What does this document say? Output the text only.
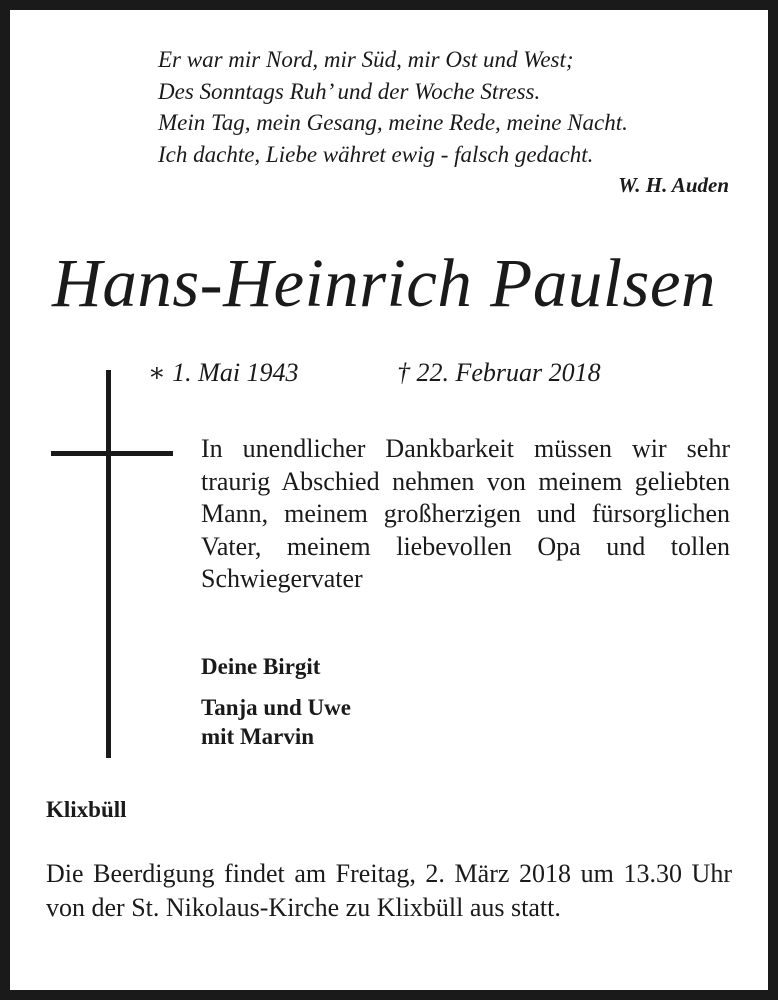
Er war mir Nord, mir Süd, mir Ost und West;
Des Sonntags Ruh’ und der Woche Stress.
Mein Tag, mein Gesang, meine Rede, meine Nacht.
Ich dachte, Liebe währet ewig - falsch gedacht.
W. H. Auden
Hans-Heinrich Paulsen
∗ 1. Mai 1943	† 22. Februar 2018
In unendlicher Dankbarkeit müssen wir sehr traurig Abschied nehmen von meinem geliebten Mann, meinem großherzigen und fürsorglichen Vater, meinem liebevollen Opa und tollen Schwiegervater
Deine Birgit
Tanja und Uwe
mit Marvin
Klixbüll
Die Beerdigung findet am Freitag, 2. März 2018 um 13.30 Uhr von der St. Nikolaus-Kirche zu Klixbüll aus statt.
